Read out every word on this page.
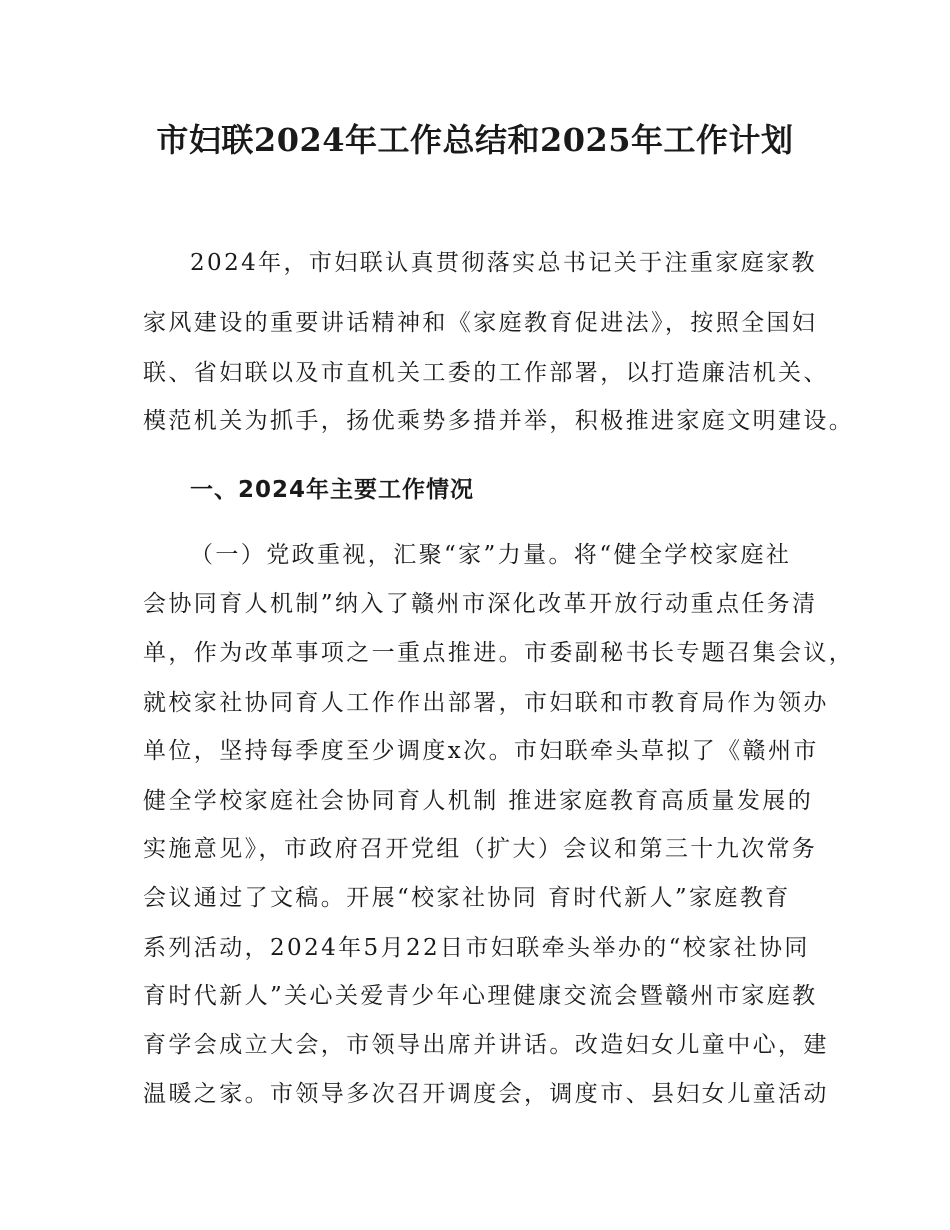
市妇联2024年工作总结和2025年工作计划

2024年，市妇联认真贯彻落实总书记关于注重家庭家教

家风建设的重要讲话精神和《家庭教育促进法》，按照全国妇

联、省妇联以及市直机关工委的工作部署，以打造廉洁机关、

模范机关为抓手，扬优乘势多措并举，积极推进家庭文明建设。

一、2024年主要工作情况

（一）党政重视，汇聚“家”力量。将“健全学校家庭社

会协同育人机制”纳入了赣州市深化改革开放行动重点任务清

单，作为改革事项之一重点推进。市委副秘书长专题召集会议，

就校家社协同育人工作作出部署，市妇联和市教育局作为领办

单位，坚持每季度至少调度x次。市妇联牵头草拟了《赣州市

健全学校家庭社会协同育人机制 推进家庭教育高质量发展的

实施意见》，市政府召开党组（扩大）会议和第三十九次常务

会议通过了文稿。开展“校家社协同 育时代新人”家庭教育

系列活动，2024年5月22日市妇联牵头举办的“校家社协同

育时代新人”关心关爱青少年心理健康交流会暨赣州市家庭教

育学会成立大会，市领导出席并讲话。改造妇女儿童中心，建

温暖之家。市领导多次召开调度会，调度市、县妇女儿童活动
